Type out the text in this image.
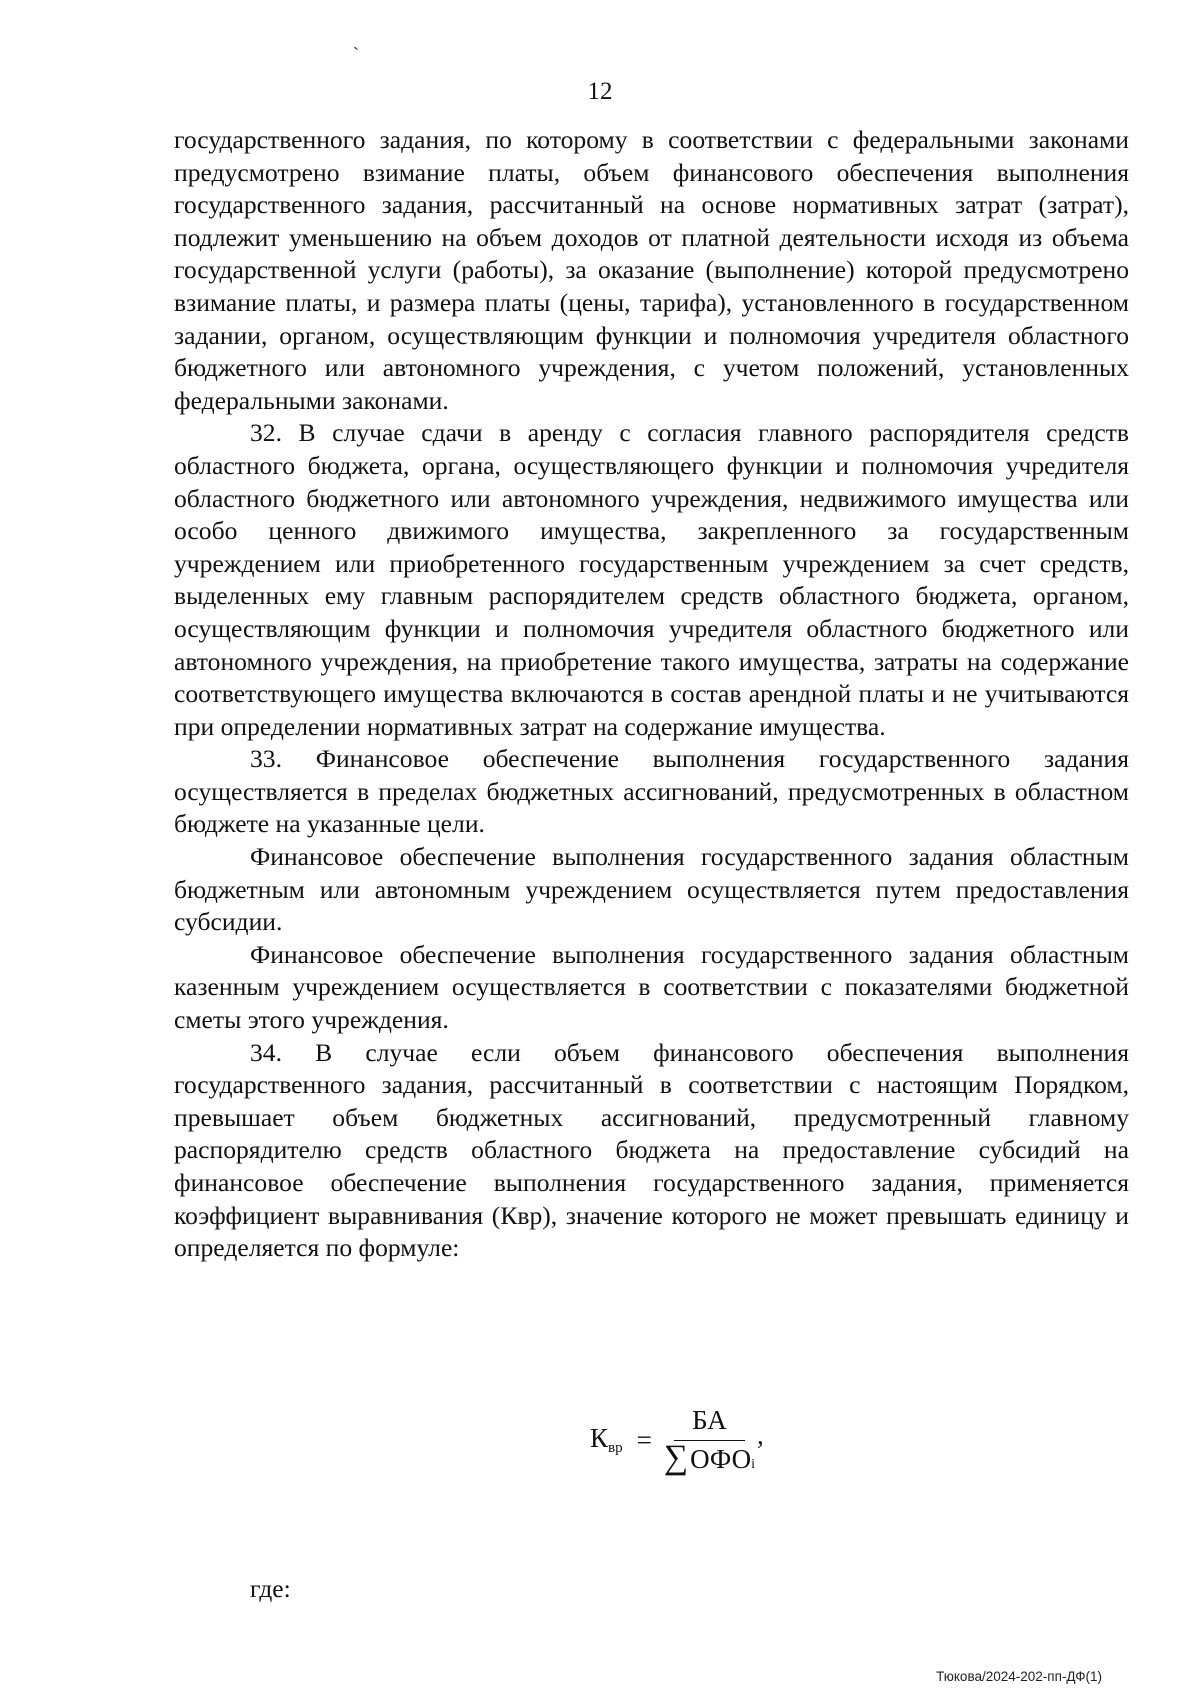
`
12

государственного задания, по которому в соответствии с федеральными законами предусмотрено взимание платы, объем финансового обеспечения выполнения государственного задания, рассчитанный на основе нормативных затрат (затрат), подлежит уменьшению на объем доходов от платной деятельности исходя из объема государственной услуги (работы), за оказание (выполнение) которой предусмотрено взимание платы, и размера платы (цены, тарифа), установленного в государственном задании, органом, осуществляющим функции и полномочия учредителя областного бюджетного или автономного учреждения, с учетом положений, установленных федеральными законами.

32. В случае сдачи в аренду с согласия главного распорядителя средств областного бюджета, органа, осуществляющего функции и полномочия учредителя областного бюджетного или автономного учреждения, недвижимого имущества или особо ценного движимого имущества, закрепленного за государственным учреждением или приобретенного государственным учреждением за счет средств, выделенных ему главным распорядителем средств областного бюджета, органом, осуществляющим функции и полномочия учредителя областного бюджетного или автономного учреждения, на приобретение такого имущества, затраты на содержание соответствующего имущества включаются в состав арендной платы и не учитываются при определении нормативных затрат на содержание имущества.

33. Финансовое обеспечение выполнения государственного задания осуществляется в пределах бюджетных ассигнований, предусмотренных в областном бюджете на указанные цели.

Финансовое обеспечение выполнения государственного задания областным бюджетным или автономным учреждением осуществляется путем предоставления субсидии.

Финансовое обеспечение выполнения государственного задания областным казенным учреждением осуществляется в соответствии с показателями бюджетной сметы этого учреждения.

34. В случае если объем финансового обеспечения выполнения государственного задания, рассчитанный в соответствии с настоящим Порядком, превышает объем бюджетных ассигнований, предусмотренный главному распорядителю средств областного бюджета на предоставление субсидий на финансовое обеспечение выполнения государственного задания, применяется коэффициент выравнивания (Квр), значение которого не может превышать единицу и определяется по формуле:

$К_{вр} = \frac{БА}{\sum ОФО_i}$ ,
где:
Тюкова/2024-202-пп-ДФ(1)
